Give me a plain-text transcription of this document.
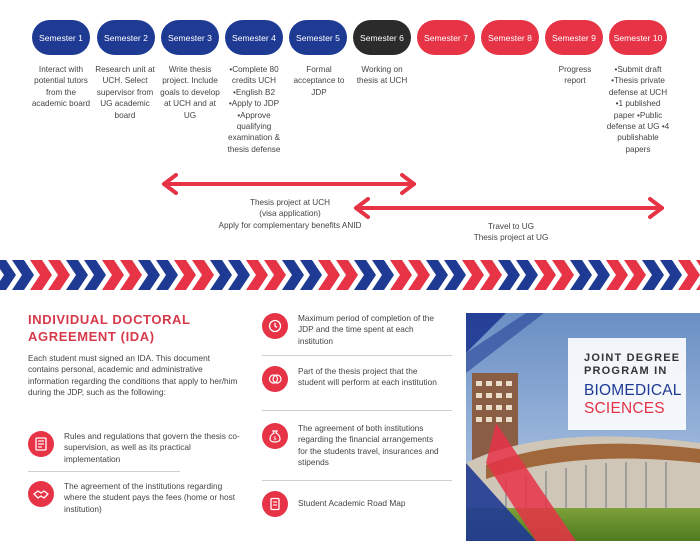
Semester 1 Semester 2 Semester 3 Semester 4 Semester 5 Semester 6 Semester 7 Semester 8 Semester 9 Semester 10
Interact with potential tutors from the academic board
Research unit at UCH. Select supervisor from UG academic board
Write thesis project. Include goals to develop at UCH and at UG
•Complete 80 credits UCH •English B2 •Apply to JDP •Approve qualifying examination & thesis defense
Formal acceptance to JDP
Working on thesis at UCH
Progress report
•Submit draft •Thesis private defense at UCH •1 published paper •Public defense at UG •4 publishable papers
Thesis project at UCH
(visa application)
Apply for complementary benefits ANID	Travel to UG
Thesis project at UG
INDIVIDUAL DOCTORAL AGREEMENT (IDA)
Each student must signed an IDA. This document contains personal, academic and administrative information regarding the conditions that apply to her/him during the JDP, such as the following:
Rules and regulations that govern the thesis co-supervision, as well as its practical implementation
The agreement of the institutions regarding where the student pays the fees (home or host institution)
Maximum period of completion of the JDP and the time spent at each institution
Part of the thesis project that the student will perform at each institution
$
The agreement of both institutions regarding the financial arrangements for the students travel, insurances and stipends
Student Academic Road Map
JOINT DEGREE
PROGRAM IN
BIOMEDICAL
SCIENCES
